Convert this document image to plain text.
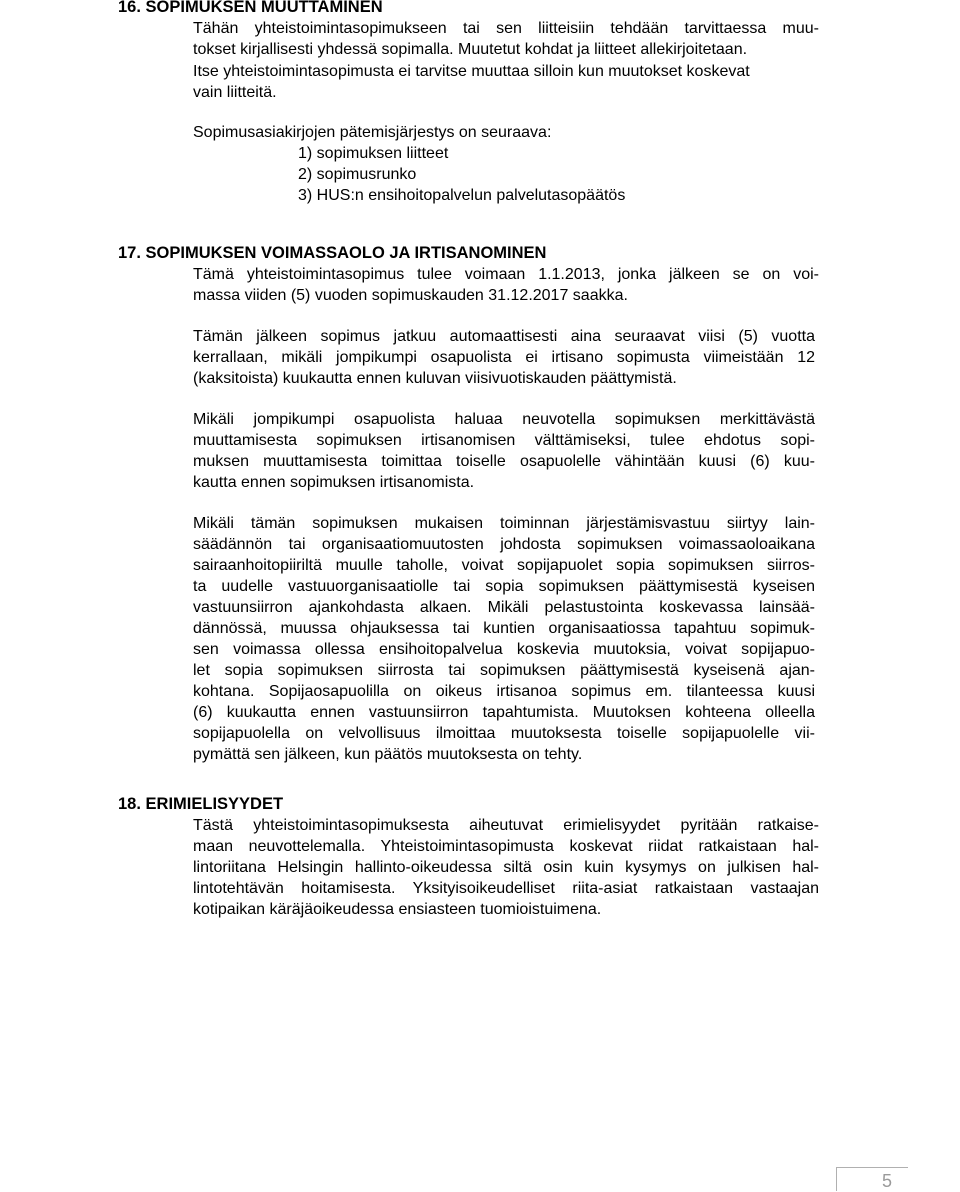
16. SOPIMUKSEN MUUTTAMINEN
Tähän yhteistoimintasopimukseen tai sen liitteisiin tehdään tarvittaessa muu-
tokset kirjallisesti yhdessä sopimalla. Muutetut kohdat ja liitteet allekirjoitetaan.
Itse yhteistoimintasopimusta ei tarvitse muuttaa silloin kun muutokset koskevat
vain liitteitä.
Sopimusasiakirjojen pätemisjärjestys on seuraava:
1) sopimuksen liitteet
2) sopimusrunko
3) HUS:n ensihoitopalvelun palvelutasopäätös
17. SOPIMUKSEN VOIMASSAOLO JA IRTISANOMINEN
Tämä yhteistoimintasopimus tulee voimaan 1.1.2013, jonka jälkeen se on voi-
massa viiden (5) vuoden sopimuskauden 31.12.2017 saakka.
Tämän jälkeen sopimus jatkuu automaattisesti aina seuraavat viisi (5) vuotta
kerrallaan, mikäli jompikumpi osapuolista ei irtisano sopimusta viimeistään 12
(kaksitoista) kuukautta ennen kuluvan viisivuotiskauden päättymistä.
Mikäli jompikumpi osapuolista haluaa neuvotella sopimuksen merkittävästä
muuttamisesta sopimuksen irtisanomisen välttämiseksi, tulee ehdotus sopi-
muksen muuttamisesta toimittaa toiselle osapuolelle vähintään kuusi (6) kuu-
kautta ennen sopimuksen irtisanomista.
Mikäli tämän sopimuksen mukaisen toiminnan järjestämisvastuu siirtyy lain-
säädännön tai organisaatiomuutosten johdosta sopimuksen voimassaoloaikana
sairaanhoitopiiriltä muulle taholle, voivat sopijapuolet sopia sopimuksen siirros-
ta uudelle vastuuorganisaatiolle tai sopia sopimuksen päättymisestä kyseisen
vastuunsiirron ajankohdasta alkaen. Mikäli pelastustointa koskevassa lainsää-
dännössä, muussa ohjauksessa tai kuntien organisaatiossa tapahtuu sopimuk-
sen voimassa ollessa ensihoitopalvelua koskevia muutoksia, voivat sopijapuo-
let sopia sopimuksen siirrosta tai sopimuksen päättymisestä kyseisenä ajan-
kohtana. Sopijaosapuolilla on oikeus irtisanoa sopimus em. tilanteessa kuusi
(6) kuukautta ennen vastuunsiirron tapahtumista. Muutoksen kohteena olleella
sopijapuolella on velvollisuus ilmoittaa muutoksesta toiselle sopijapuolelle vii-
pymättä sen jälkeen, kun päätös muutoksesta on tehty.
18. ERIMIELISYYDET
Tästä yhteistoimintasopimuksesta aiheutuvat erimielisyydet pyritään ratkaise-
maan neuvottelemalla. Yhteistoimintasopimusta koskevat riidat ratkaistaan hal-
lintoriitana Helsingin hallinto-oikeudessa siltä osin kuin kysymys on julkisen hal-
lintotehtävän hoitamisesta. Yksityisoikeudelliset riita-asiat ratkaistaan vastaajan
kotipaikan käräjäoikeudessa ensiasteen tuomioistuimena.
5
